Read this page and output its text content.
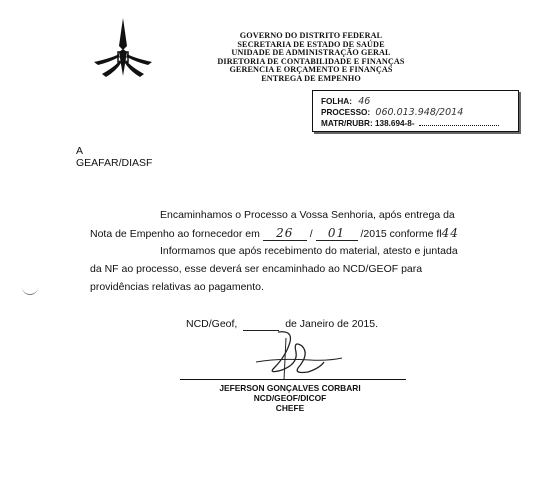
GOVERNO DO DISTRITO FEDERAL
SECRETARIA DE ESTADO DE SAÚDE
UNIDADE DE ADMINISTRAÇÃO GERAL
DIRETORIA DE CONTABILIDADE E FINANÇAS
GERENCIA E ORÇAMENTO E FINANÇAS
ENTREGA DE EMPENHO
FOLHA: 46
PROCESSO: 060.013.948/2014
MATR/RUBR: 138.694-8-
A
GEAFAR/DIASF
Encaminhamos o Processo a Vossa Senhoria, após entrega da
Nota de Empenho ao fornecedor em 26 / 01 /2015 conforme fl44
Informamos que após recebimento do material, atesto e juntada
da NF ao processo, esse deverá ser encaminhado ao NCD/GEOF para
providências relativas ao pagamento.
NCD/Geof,	de Janeiro de 2015.
JEFERSON GONÇALVES CORBARI
NCD/GEOF/DICOF
CHEFE
